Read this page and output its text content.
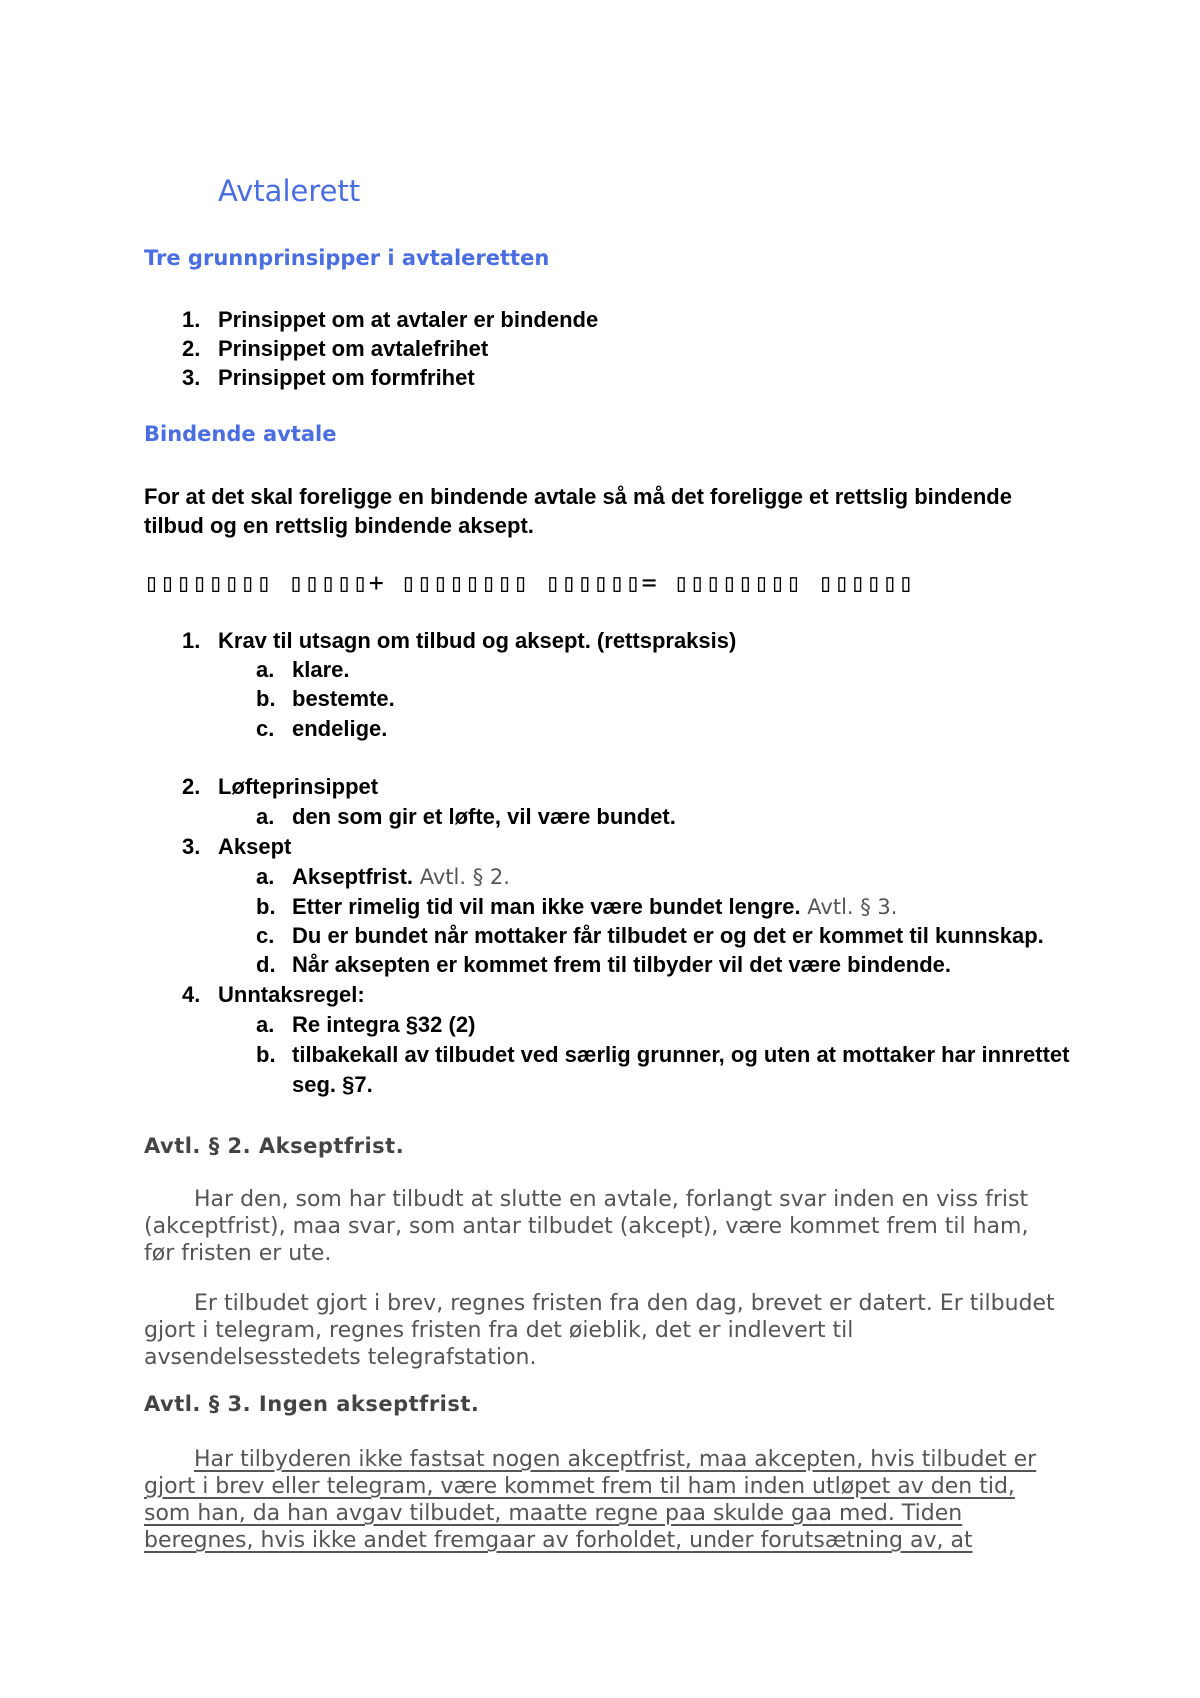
Avtalerett
Tre grunnprinsipper i avtaleretten
1. Prinsippet om at avtaler er bindende
2. Prinsippet om avtalefrihet
3. Prinsippet om formfrihet
Bindende avtale
For at det skal foreligge en bindende avtale så må det foreligge et rettslig bindende tilbud og en rettslig bindende aksept.
▯▯▯▯▯▯▯▯ ▯▯▯▯▯+ ▯▯▯▯▯▯▯▯ ▯▯▯▯▯▯= ▯▯▯▯▯▯▯▯ ▯▯▯▯▯▯
1. Krav til utsagn om tilbud og aksept. (rettspraksis)
a. klare.
b. bestemte.
c. endelige.
2. Løfteprinsippet
a. den som gir et løfte, vil være bundet.
3. Aksept
a. Akseptfrist. Avtl. § 2.
b. Etter rimelig tid vil man ikke være bundet lengre. Avtl. § 3.
c. Du er bundet når mottaker får tilbudet er og det er kommet til kunnskap.
d. Når aksepten er kommet frem til tilbyder vil det være bindende.
4. Unntaksregel:
a. Re integra §32 (2)
b. tilbakekall av tilbudet ved særlig grunner, og uten at mottaker har innrettet
seg. §7.
Avtl. § 2. Akseptfrist.
Har den, som har tilbudt at slutte en avtale, forlangt svar inden en viss frist (akceptfrist), maa svar, som antar tilbudet (akcept), være kommet frem til ham, før fristen er ute.
Er tilbudet gjort i brev, regnes fristen fra den dag, brevet er datert. Er tilbudet gjort i telegram, regnes fristen fra det øieblik, det er indlevert til avsendelsesstedets telegrafstation.
Avtl. § 3. Ingen akseptfrist.
Har tilbyderen ikke fastsat nogen akceptfrist, maa akcepten, hvis tilbudet er gjort i brev eller telegram, være kommet frem til ham inden utløpet av den tid, som han, da han avgav tilbudet, maatte regne paa skulde gaa med. Tiden beregnes, hvis ikke andet fremgaar av forholdet, under forutsætning av, at
